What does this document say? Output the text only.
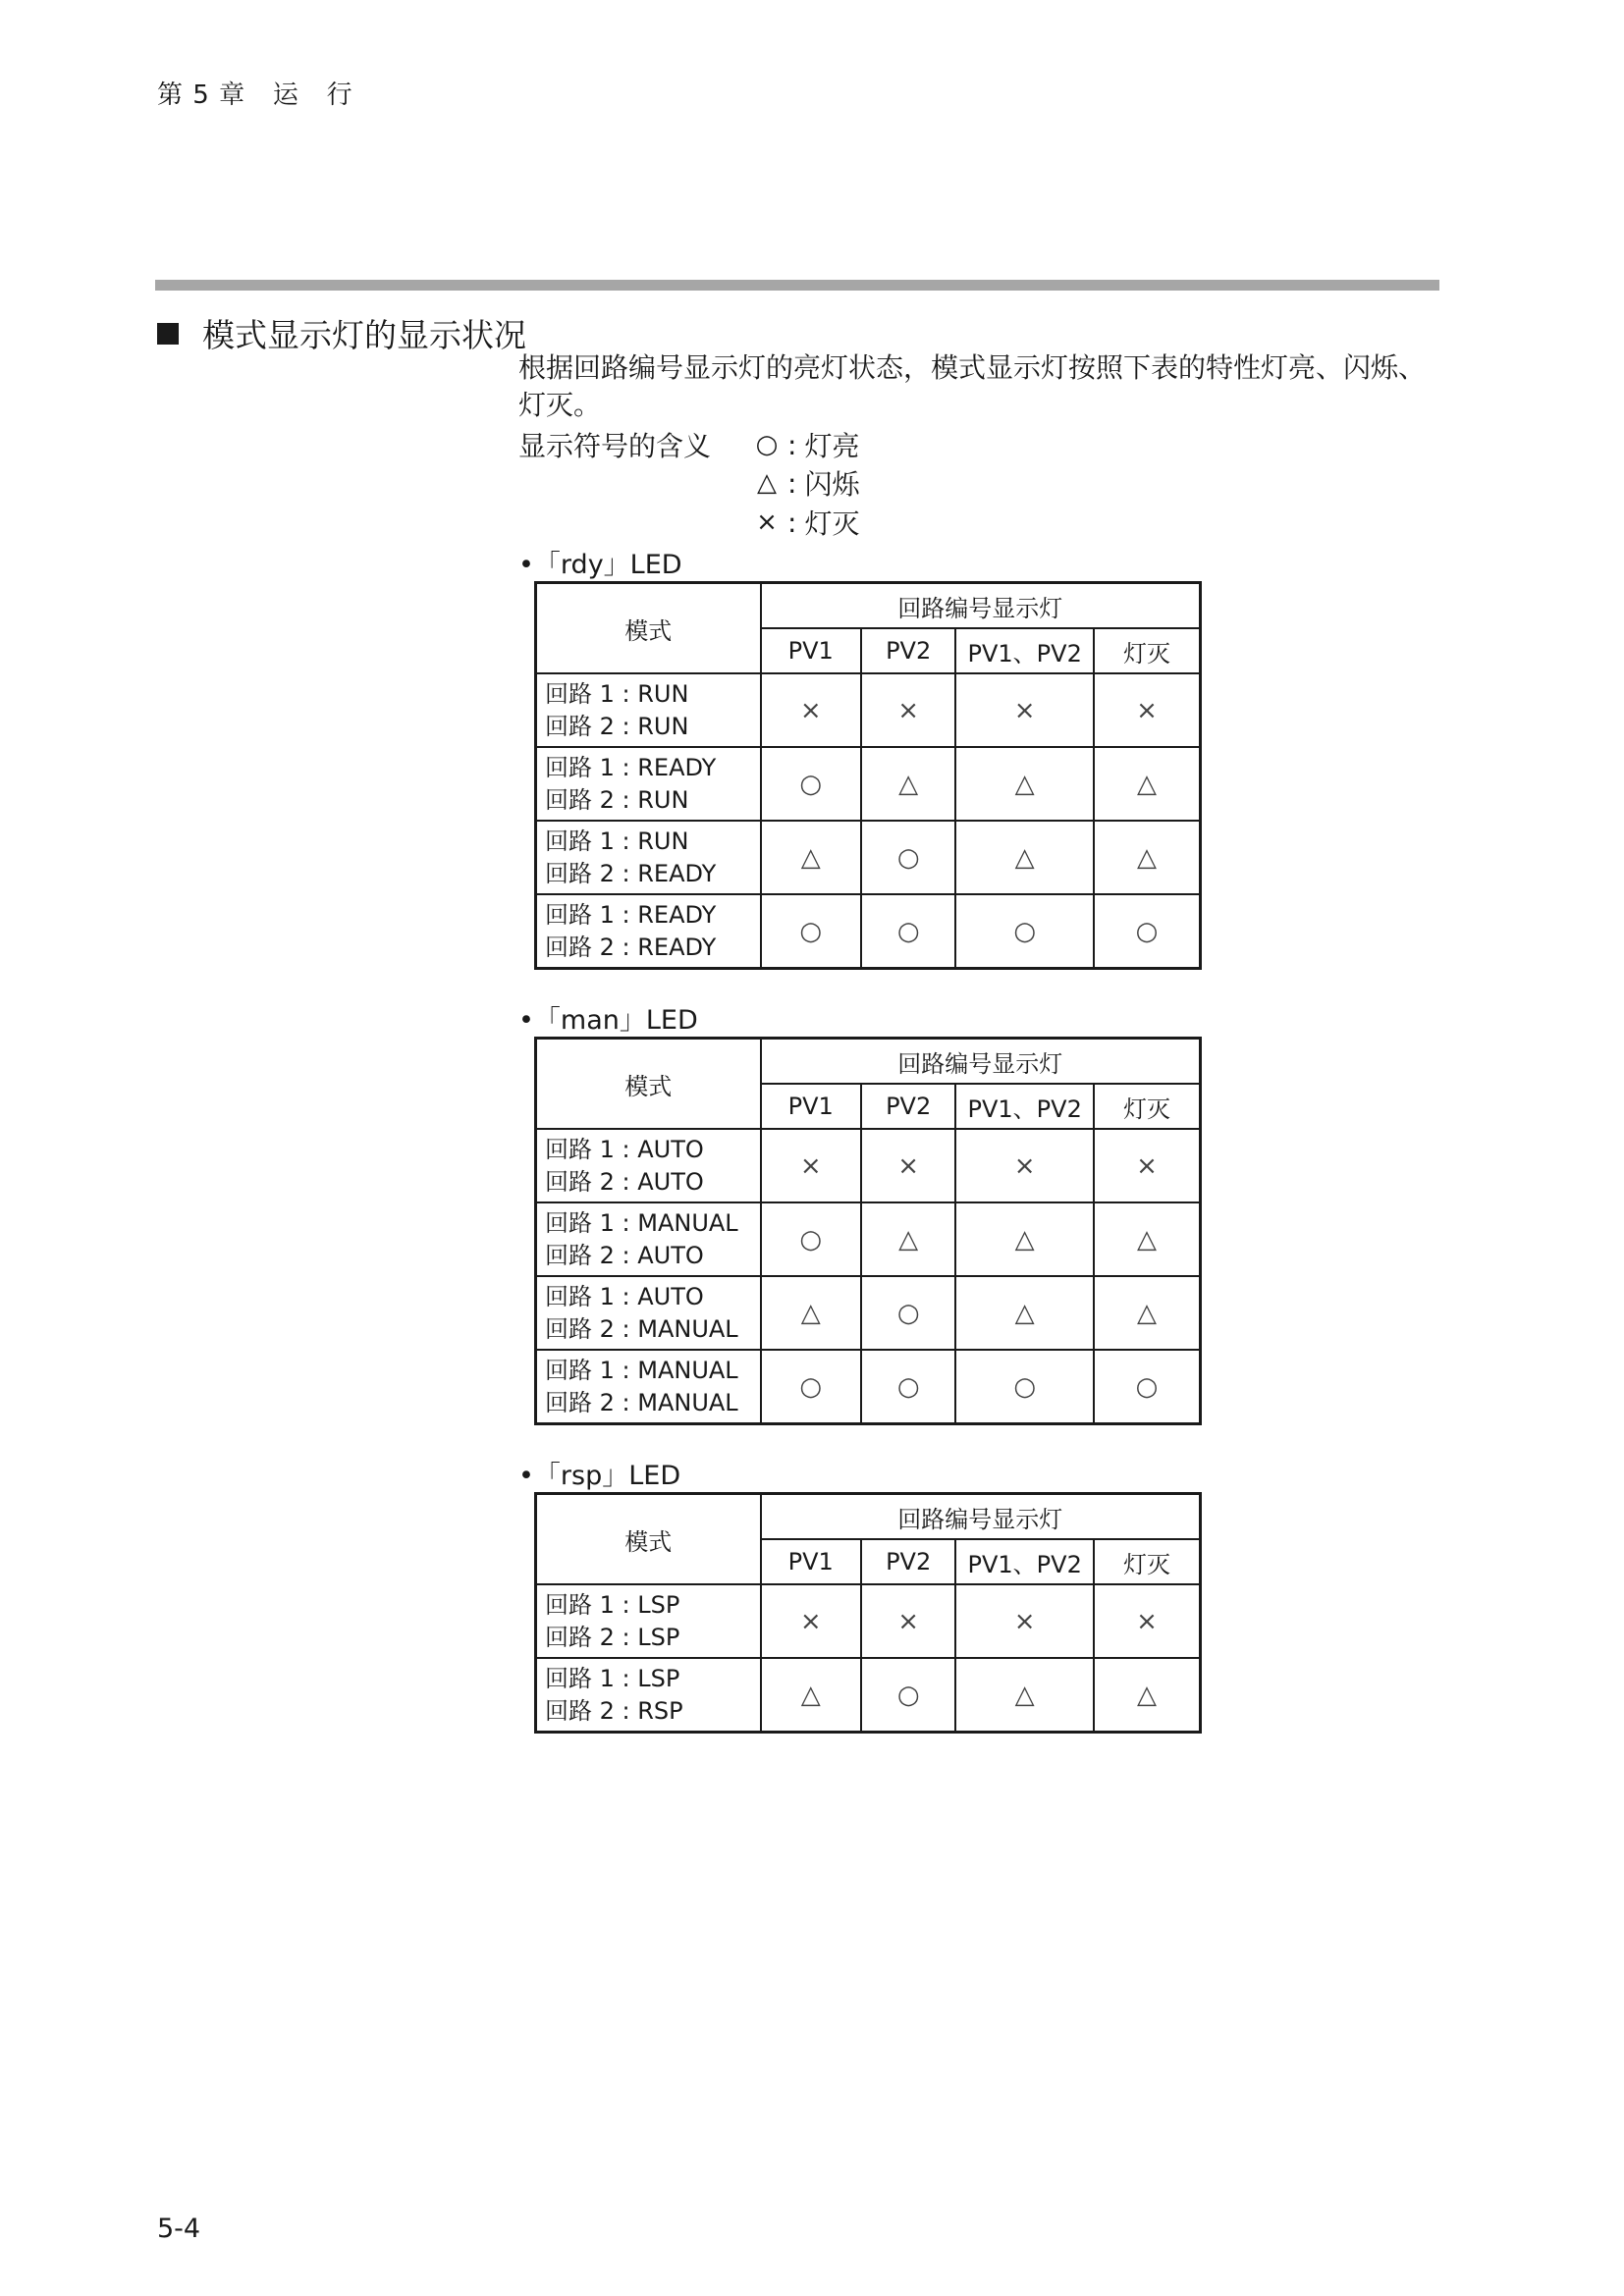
第 5 章   运   行
模式显示灯的显示状况
根据回路编号显示灯的亮灯状态，模式显示灯按照下表的特性灯亮、闪烁、灯灭。
显示符号的含义 ○ : 灯亮
△ : 闪烁
× : 灯灭
•「rdy」LED
模式	回路编号显示灯			
	PV1	PV2	PV1、PV2	灯灭
回路 1 : RUN
回路 2 : RUN	×	×	×	×
回路 1 : READY
回路 2 : RUN	○	△	△	△
回路 1 : RUN
回路 2 : READY	△	○	△	△
回路 1 : READY
回路 2 : READY	○	○	○	○
•「man」LED
模式	回路编号显示灯			
	PV1	PV2	PV1、PV2	灯灭
回路 1 : AUTO
回路 2 : AUTO	×	×	×	×
回路 1 : MANUAL
回路 2 : AUTO	○	△	△	△
回路 1 : AUTO
回路 2 : MANUAL	△	○	△	△
回路 1 : MANUAL
回路 2 : MANUAL	○	○	○	○
•「rsp」LED
模式	回路编号显示灯			
	PV1	PV2	PV1、PV2	灯灭
回路 1 : LSP
回路 2 : LSP	×	×	×	×
回路 1 : LSP
回路 2 : RSP	△	○	△	△
5-4
